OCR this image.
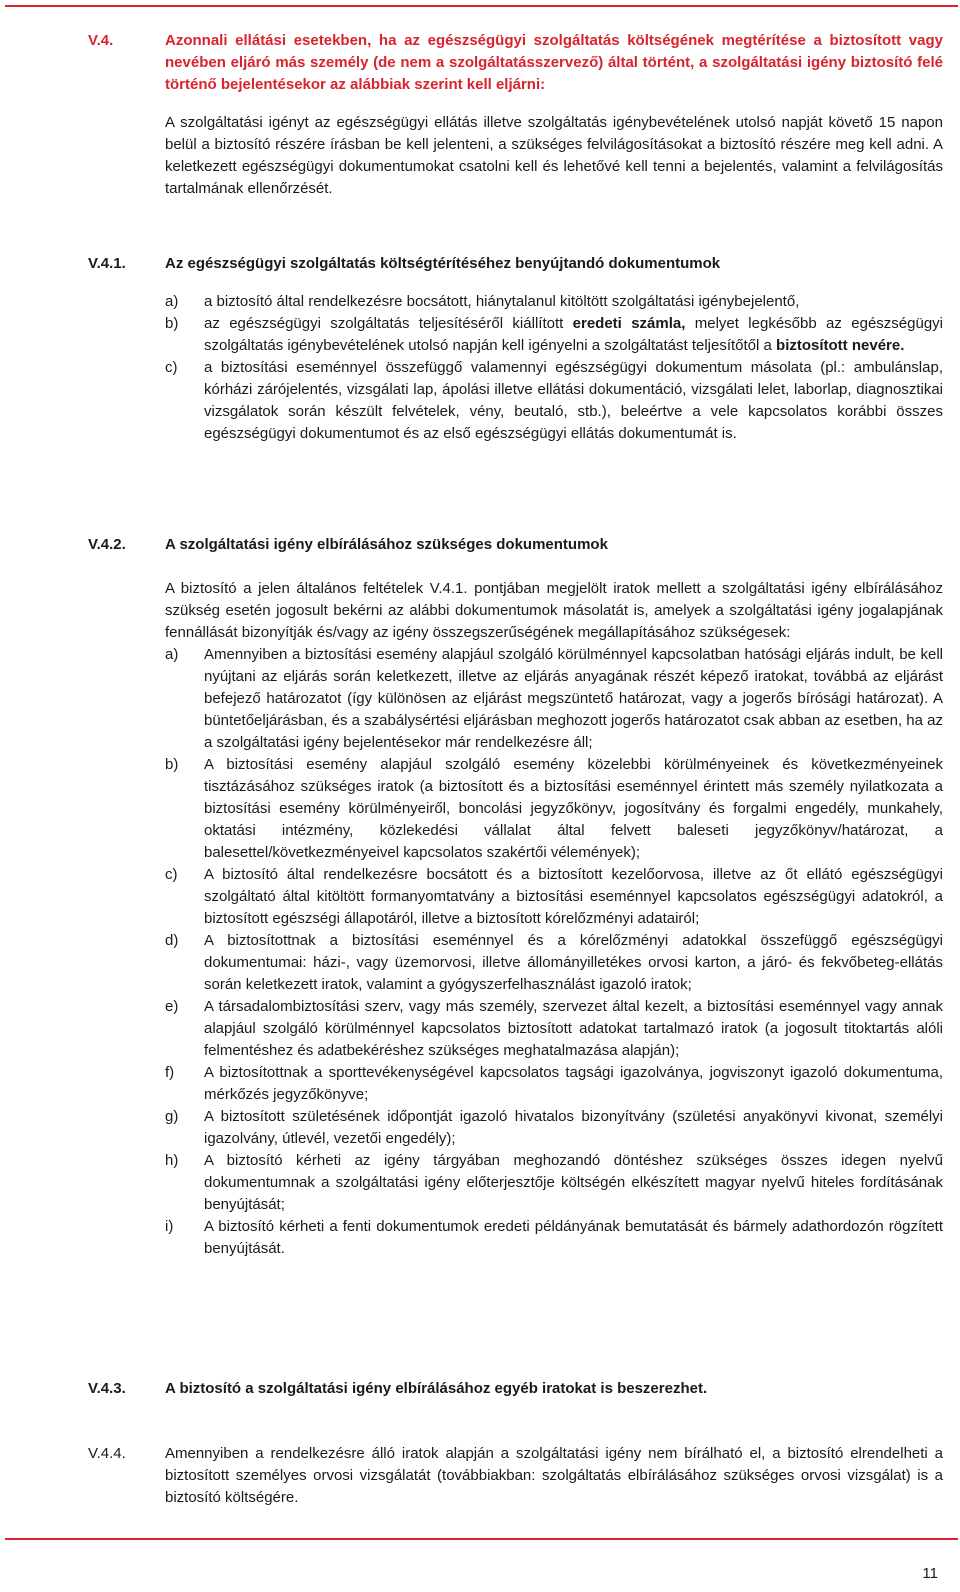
V.4.	Azonnali ellátási esetekben, ha az egészségügyi szolgáltatás költségének megtérítése a biztosított vagy nevében eljáró más személy (de nem a szolgáltatásszervező) által történt, a szolgáltatási igény biztosító felé történő bejelentésekor az alábbiak szerint kell eljárni:

A szolgáltatási igényt az egészségügyi ellátás illetve szolgáltatás igénybevételének utolsó napját követő 15 napon belül a biztosító részére írásban be kell jelenteni, a szükséges felvilágosításokat a biztosító részére meg kell adni. A keletkezett egészségügyi dokumentumokat csatolni kell és lehetővé kell tenni a bejelentés, valamint a felvilágosítás tartalmának ellenőrzését.

V.4.1.	Az egészségügyi szolgáltatás költségtérítéséhez benyújtandó dokumentumok

a) a biztosító által rendelkezésre bocsátott, hiánytalanul kitöltött szolgáltatási igénybejelentő,
b) az egészségügyi szolgáltatás teljesítéséről kiállított eredeti számla, melyet legkésőbb az egészségügyi szolgáltatás igénybevételének utolsó napján kell igényelni a szolgáltatást teljesítőtől a biztosított nevére.
c) a biztosítási eseménnyel összefüggő valamennyi egészségügyi dokumentum másolata (pl.: ambulánslap, kórházi zárójelentés, vizsgálati lap, ápolási illetve ellátási dokumentáció, vizsgálati lelet, laborlap, diagnosztikai vizsgálatok során készült felvételek, vény, beutaló, stb.), beleértve a vele kapcsolatos korábbi összes egészségügyi dokumentumot és az első egészségügyi ellátás dokumentumát is.
V.4.2.	A szolgáltatási igény elbírálásához szükséges dokumentumok

A biztosító a jelen általános feltételek V.4.1. pontjában megjelölt iratok mellett a szolgáltatási igény elbírálásához szükség esetén jogosult bekérni az alábbi dokumentumok másolatát is, amelyek a szolgáltatási igény jogalapjának fennállását bizonyítják és/vagy az igény összegszerűségének megállapításához szükségesek:

a) Amennyiben a biztosítási esemény alapjául szolgáló körülménnyel kapcsolatban hatósági eljárás indult, be kell nyújtani az eljárás során keletkezett, illetve az eljárás anyagának részét képező iratokat, továbbá az eljárást befejező határozatot (így különösen az eljárást megszüntető határozat, vagy a jogerős bírósági határozat). A büntetőeljárásban, és a szabálysértési eljárásban meghozott jogerős határozatot csak abban az esetben, ha az a szolgáltatási igény bejelentésekor már rendelkezésre áll;
b) A biztosítási esemény alapjául szolgáló esemény közelebbi körülményeinek és következményeinek tisztázásához szükséges iratok (a biztosított és a biztosítási eseménnyel érintett más személy nyilatkozata a biztosítási esemény körülményeiről, boncolási jegyzőkönyv, jogosítvány és forgalmi engedély, munkahely, oktatási intézmény, közlekedési vállalat által felvett baleseti jegyzőkönyv/határozat, a balesettel/következményeivel kapcsolatos szakértői vélemények);
c) A biztosító által rendelkezésre bocsátott és a biztosított kezelőorvosa, illetve az őt ellátó egészségügyi szolgáltató által kitöltött formanyomtatvány a biztosítási eseménnyel kapcsolatos egészségügyi adatokról, a biztosított egészségi állapotáról, illetve a biztosított kórelőzményi adatairól;
d) A biztosítottnak a biztosítási eseménnyel és a kórelőzményi adatokkal összefüggő egészségügyi dokumentumai: házi-, vagy üzemorvosi, illetve állományilletékes orvosi karton, a járó- és fekvőbeteg-ellátás során keletkezett iratok, valamint a gyógyszerfelhasználást igazoló iratok;
e) A társadalombiztosítási szerv, vagy más személy, szervezet által kezelt, a biztosítási eseménnyel vagy annak alapjául szolgáló körülménnyel kapcsolatos biztosított adatokat tartalmazó iratok (a jogosult titoktartás alóli felmentéshez és adatbekéréshez szükséges meghatalmazása alapján);
f) A biztosítottnak a sporttevékenységével kapcsolatos tagsági igazolványa, jogviszonyt igazoló dokumentuma, mérkőzés jegyzőkönyve;
g) A biztosított születésének időpontját igazoló hivatalos bizonyítvány (születési anyakönyvi kivonat, személyi igazolvány, útlevél, vezetői engedély);
h) A biztosító kérheti az igény tárgyában meghozandó döntéshez szükséges összes idegen nyelvű dokumentumnak a szolgáltatási igény előterjesztője költségén elkészített magyar nyelvű hiteles fordításának benyújtását;
i) A biztosító kérheti a fenti dokumentumok eredeti példányának bemutatását és bármely adathordozón rögzített benyújtását.
V.4.3.	A biztosító a szolgáltatási igény elbírálásához egyéb iratokat is beszerezhet.

V.4.4.	Amennyiben a rendelkezésre álló iratok alapján a szolgáltatási igény nem bírálható el, a biztosító elrendelheti a biztosított személyes orvosi vizsgálatát (továbbiakban: szolgáltatás elbírálásához szükséges orvosi vizsgálat) is a biztosító költségére.

11
